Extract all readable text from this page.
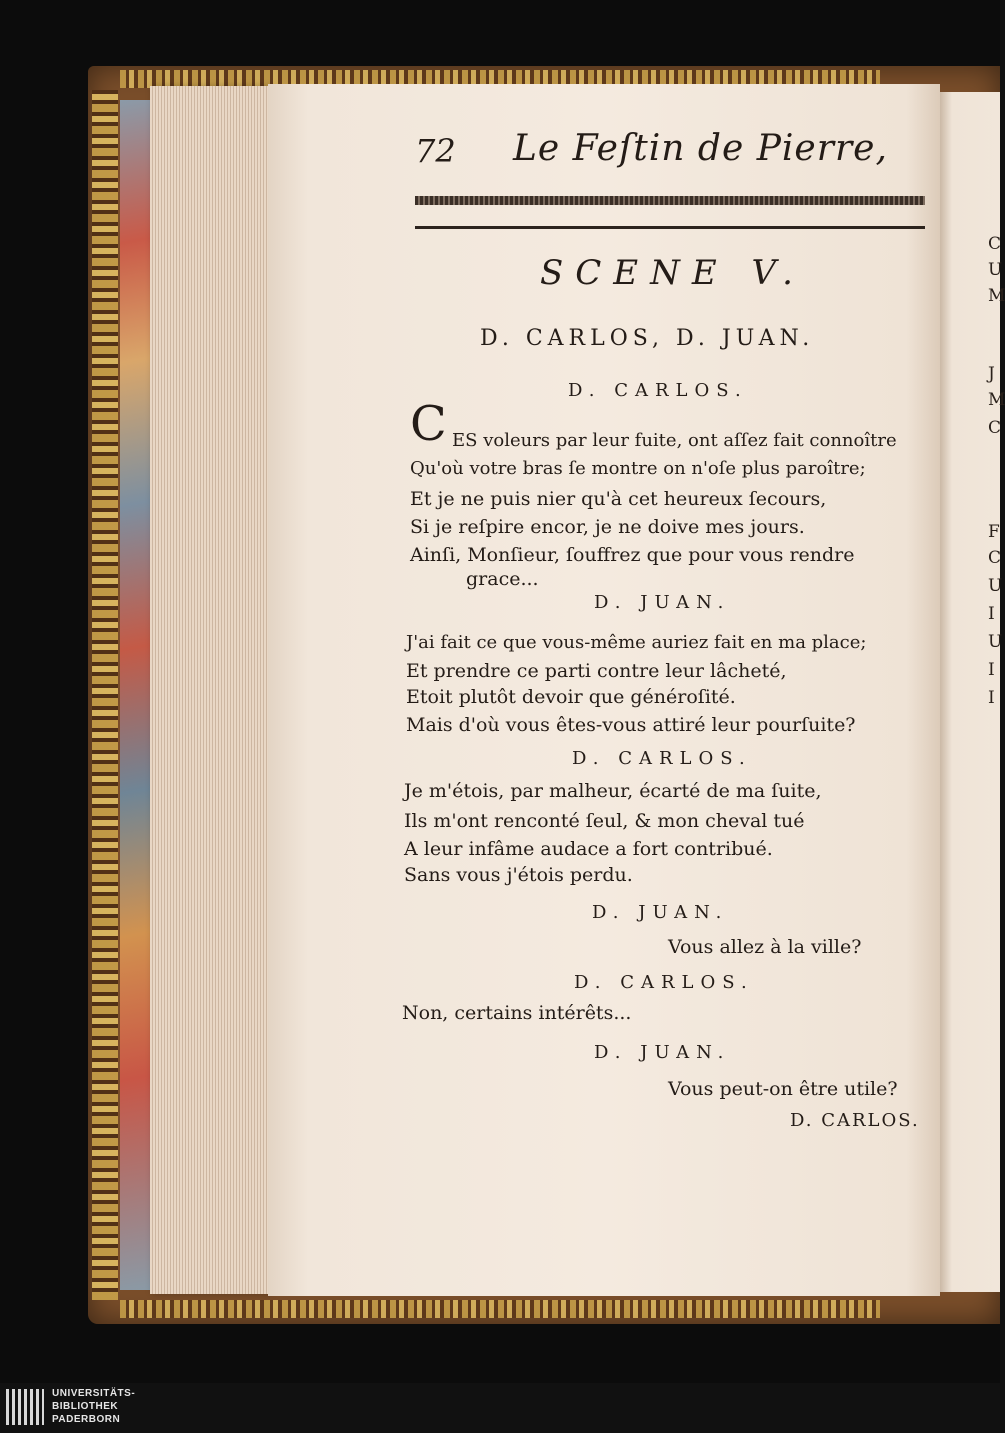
C
U
M
J
M
C
F
C
U
I
U
I
I
72 Le Feſtin de Pierre,
SCENE V.
D. CARLOS, D. JUAN.
D. CARLOS.
C ES voleurs par leur fuite, ont aſſez fait connoître
Qu'où votre bras ſe montre on n'oſe plus paroître;
Et je ne puis nier qu'à cet heureux ſecours,
Si je reſpire encor, je ne doive mes jours.
Ainſi, Monſieur, ſouffrez que pour vous rendre
grace...
D. JUAN.
J'ai fait ce que vous-même auriez fait en ma place;
Et prendre ce parti contre leur lâcheté,
Etoit plutôt devoir que généroſité.
Mais d'où vous êtes-vous attiré leur pourſuite?
D. CARLOS.
Je m'étois, par malheur, écarté de ma ſuite,
Ils m'ont renconté ſeul, & mon cheval tué
A leur infâme audace a fort contribué.
Sans vous j'étois perdu.
D. JUAN.
Vous allez à la ville?
D. CARLOS.
Non, certains intérêts...
D. JUAN.
Vous peut-on être utile?
D. CARLOS.
UNIVERSITÄTS-
BIBLIOTHEK
PADERBORN
